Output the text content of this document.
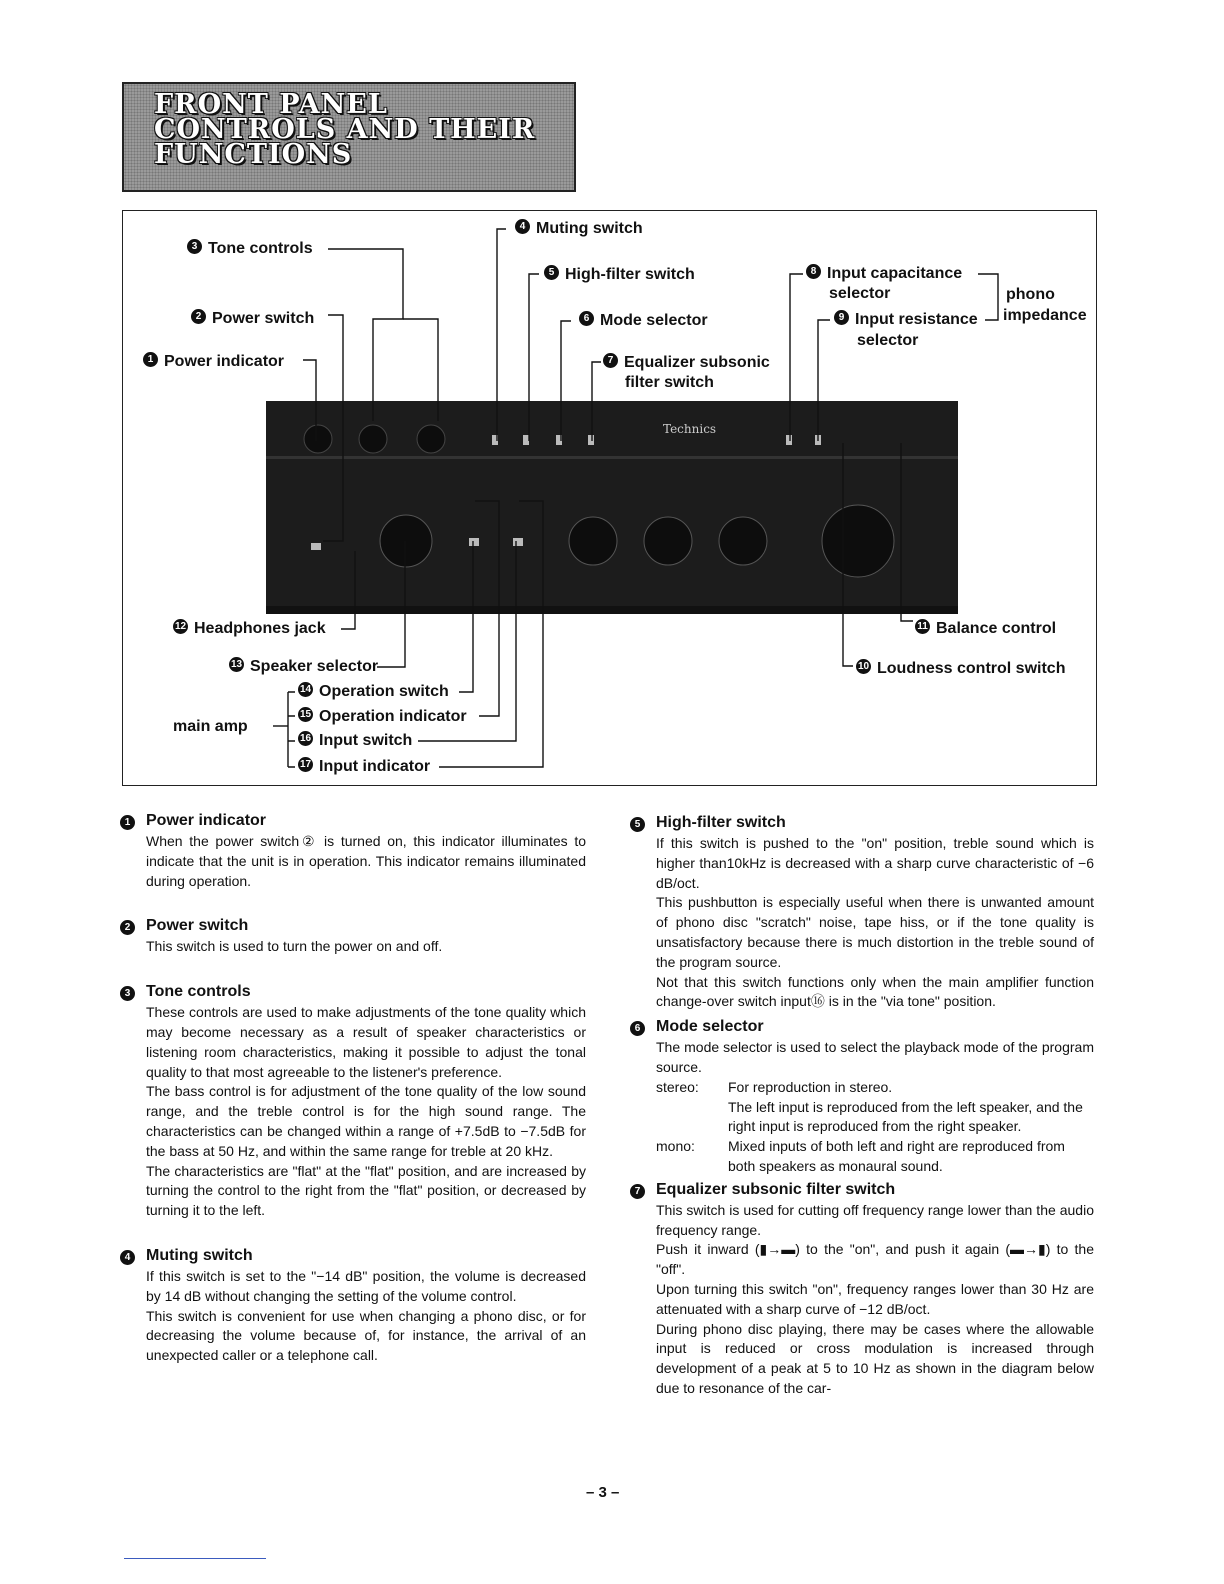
FRONT PANEL
CONTROLS AND THEIR
FUNCTIONS
Technics
3 Tone controls
2 Power switch
1 Power indicator
4 Muting switch
5 High-filter switch
6 Mode selector
7 Equalizer subsonic
filter switch
8 Input capacitance
selector
9 Input resistance
selector
phono
impedance
12 Headphones jack
13 Speaker selector
14 Operation switch
15 Operation indicator
16 Input switch
17 Input indicator
main amp
11 Balance control
10 Loudness control switch
1 Power indicator

When the power switch② is turned on, this indicator illuminates to indicate that the unit is in operation. This indicator remains illuminated during operation.

2 Power switch

This switch is used to turn the power on and off.

3 Tone controls

These controls are used to make adjustments of the tone quality which may become necessary as a result of speaker characteristics or listening room characteristics, making it possible to adjust the tonal quality to that most agreeable to the listener's preference.

The bass control is for adjustment of the tone quality of the low sound range, and the treble control is for the high sound range. The characteristics can be changed within a range of +7.5dB to −7.5dB for the bass at 50 Hz, and within the same range for treble at 20 kHz.

The characteristics are "flat" at the "flat" position, and are increased by turning the control to the right from the "flat" position, or decreased by turning it to the left.

4 Muting switch

If this switch is set to the "−14 dB" position, the volume is decreased by 14 dB without changing the setting of the volume control.

This switch is convenient for use when changing a phono disc, or for decreasing the volume because of, for instance, the arrival of an unexpected caller or a telephone call.

5 High-filter switch

If this switch is pushed to the "on" position, treble sound which is higher than10kHz is decreased with a sharp curve characteristic of −6 dB/oct.

This pushbutton is especially useful when there is unwanted amount of phono disc "scratch" noise, tape hiss, or if the tone quality is unsatisfactory because there is much distortion in the treble sound of the program source.

Not that this switch functions only when the main amplifier function change-over switch input⑯ is in the "via tone" position.

6 Mode selector

The mode selector is used to select the playback mode of the program source.

stereo:	For reproduction in stereo.
The left input is reproduced from the left speaker, and the right input is reproduced from the right speaker.
mono:	Mixed inputs of both left and right are reproduced from both speakers as monaural sound.
7 Equalizer subsonic filter switch

This switch is used for cutting off frequency range lower than the audio frequency range.

Push it inward (▮→▬) to the "on", and push it again (▬→▮) to the "off".

Upon turning this switch "on", frequency ranges lower than 30 Hz are attenuated with a sharp curve of −12 dB/oct.

During phono disc playing, there may be cases where the allowable input is reduced or cross modulation is increased through development of a peak at 5 to 10 Hz as shown in the diagram below due to resonance of the car-

– 3 –
